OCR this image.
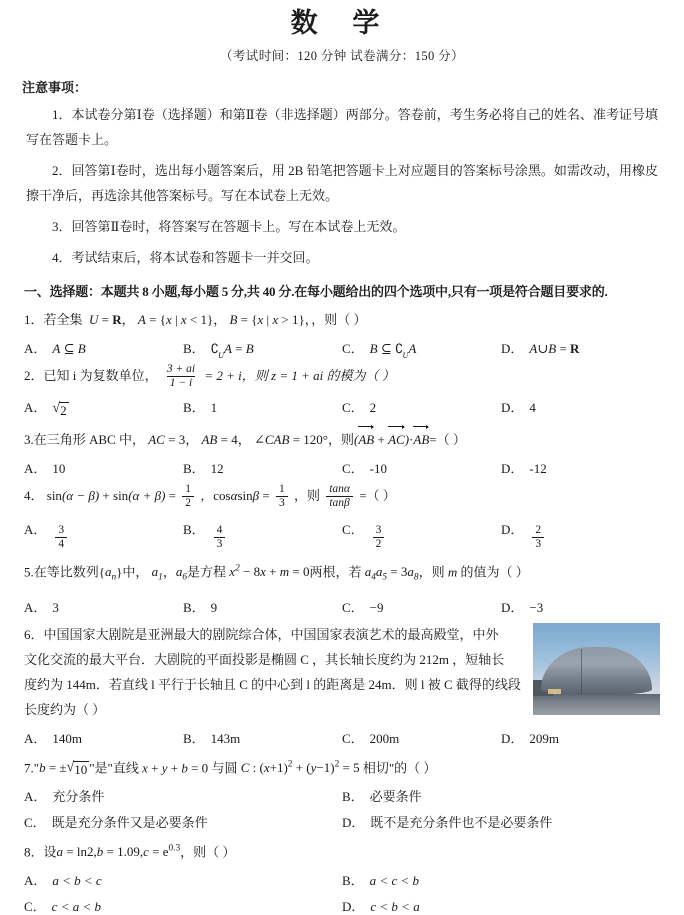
数 学
（考试时间：120 分钟 试卷满分：150 分）
注意事项：
1．本试卷分第Ⅰ卷（选择题）和第Ⅱ卷（非选择题）两部分。答卷前，考生务必将自己的姓名、准考证号填写在答题卡上。
2．回答第Ⅰ卷时，选出每小题答案后，用 2B 铅笔把答题卡上对应题目的答案标号涂黑。如需改动，用橡皮擦干净后，再选涂其他答案标号。写在本试卷上无效。
3．回答第Ⅱ卷时，将答案写在答题卡上。写在本试卷上无效。
4．考试结束后，将本试卷和答题卡一并交回。
一、选择题：本题共 8 小题,每小题 5 分,共 40 分.在每小题给出的四个选项中,只有一项是符合题目要求的.
1．若全集  U = R， A = {x | x < 1}， B = {x | x > 1}，，则（ ）
A． A ⊆ B	B． ∁ U A = B	C． B ⊆ ∁ U A	D． A∪B = R
2．已知 i 为复数单位， $\frac{3 + ai}{1 - i} = 2 + i$，则 z = 1 + ai 的模为（ ）
A． √ 2	B． 1	C． 2	D． 4
3.在三角形 ABC 中， AC = 3， AB = 4， ∠CAB = 120°，则(AB + AC)·AB=（ ）
A． 10	B． 12	C． -10	D． -12
4． $\sin(\alpha - \beta) + \sin(\alpha + \beta) = \frac{1}{2}$ ，$\cos\alpha\sin\beta = \frac{1}{3}$ ，则 $\frac{\tan\alpha}{\tan\beta}$ =（ ）
A． $\frac{3}{4}$	B． $\frac{4}{3}$	C． $\frac{3}{2}$	D． $\frac{2}{3}$
5.在等比数列$\{a_n\}$中， $a_1$，$a_6$是方程 $x^2 - 8x + m = 0$两根，若 $a_4a_5 = 3a_8$，则 m 的值为（ ）
A． 3	B． 9	C． −9	D． −3
6．中国国家大剧院是亚洲最大的剧院综合体，中国国家表演艺术的最高殿堂，中外
文化交流的最大平台．大剧院的平面投影是椭圆 C ，其长轴长度约为 212m ，短轴长
度约为 144m．若直线 l 平行于长轴且 C 的中心到 l 的距离是 24m．则 l 被 C 截得的线段
长度约为（ ）
A． 140m	B． 143m	C． 200m	D． 209m
7."b = ± √ 10 "是"直线 x + y + b = 0 与圆 C : $(x+1)^2 + (y-1)^2 = 5$ 相切"的（ ）
A． 充分条件	B． 必要条件
C． 既是充分条件又是必要条件	D． 既不是充分条件也不是必要条件
8．设$a = \ln 2,b = 1.09,c = e^{0.3}$，则（ ）
A． a < b < c	B． a < c < b
C． c < a < b	D． c < b < a
